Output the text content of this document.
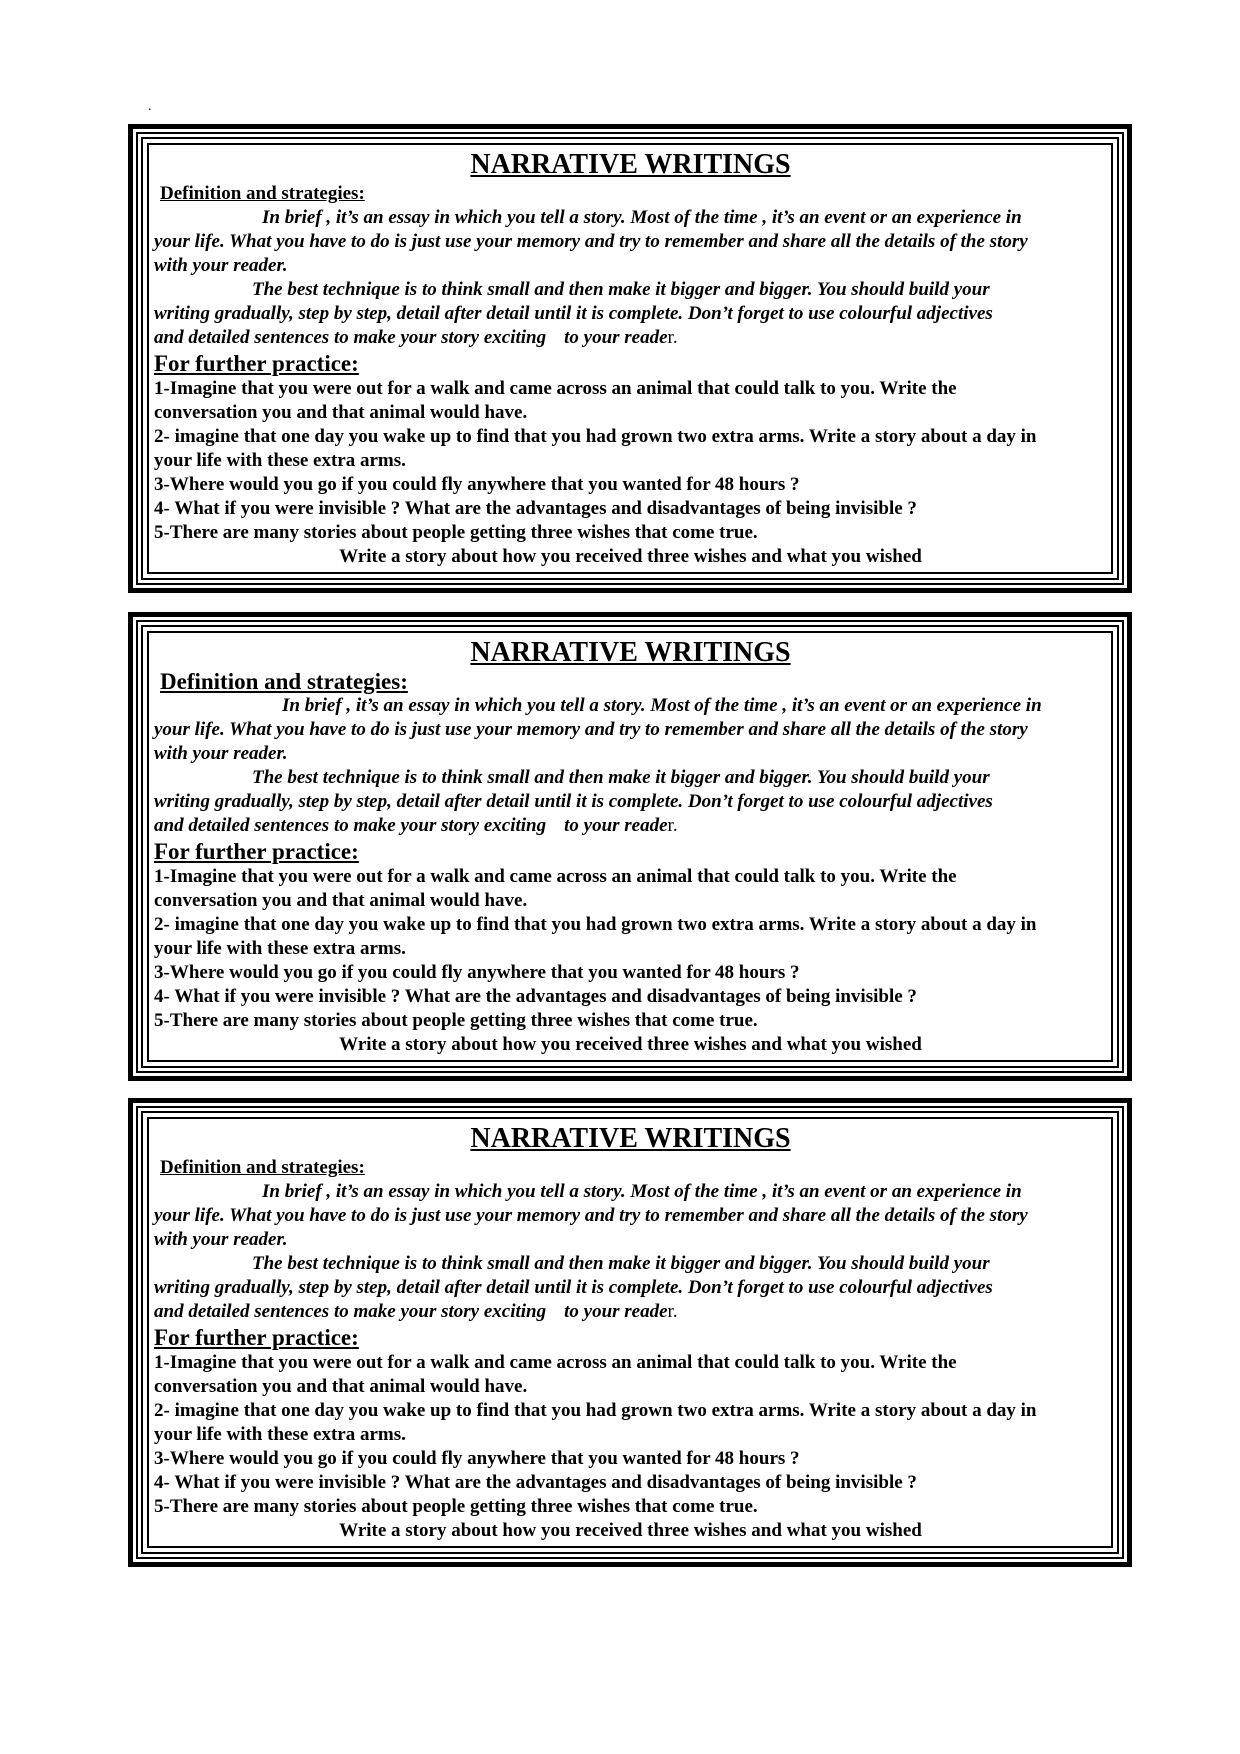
.
NARRATIVE WRITINGS
Definition and strategies:

In brief , it’s an essay in which you tell a story. Most of the time , it’s an event or an experience in
your life. What you have to do is just use your memory and try to remember and share all the details of the story
with your reader.

The best technique is to think small and then make it bigger and bigger. You should build your
writing gradually, step by step, detail after detail until it is complete. Don’t forget to use colourful adjectives
and detailed sentences to make your story exciting to your reader.

For further practice:

1-Imagine that you were out for a walk and came across an animal that could talk to you. Write the
conversation you and that animal would have.
2- imagine that one day you wake up to find that you had grown two extra arms. Write a story about a day in
your life with these extra arms.
3-Where would you go if you could fly anywhere that you wanted for 48 hours ?
4- What if you were invisible ? What are the advantages and disadvantages of being invisible ?
5-There are many stories about people getting three wishes that come true.

Write a story about how you received three wishes and what you wished
NARRATIVE WRITINGS
Definition and strategies:

In brief , it’s an essay in which you tell a story. Most of the time , it’s an event or an experience in
your life. What you have to do is just use your memory and try to remember and share all the details of the story
with your reader.

The best technique is to think small and then make it bigger and bigger. You should build your
writing gradually, step by step, detail after detail until it is complete. Don’t forget to use colourful adjectives
and detailed sentences to make your story exciting to your reader.

For further practice:

1-Imagine that you were out for a walk and came across an animal that could talk to you. Write the
conversation you and that animal would have.
2- imagine that one day you wake up to find that you had grown two extra arms. Write a story about a day in
your life with these extra arms.
3-Where would you go if you could fly anywhere that you wanted for 48 hours ?
4- What if you were invisible ? What are the advantages and disadvantages of being invisible ?
5-There are many stories about people getting three wishes that come true.

Write a story about how you received three wishes and what you wished
NARRATIVE WRITINGS
Definition and strategies:

In brief , it’s an essay in which you tell a story. Most of the time , it’s an event or an experience in
your life. What you have to do is just use your memory and try to remember and share all the details of the story
with your reader.

The best technique is to think small and then make it bigger and bigger. You should build your
writing gradually, step by step, detail after detail until it is complete. Don’t forget to use colourful adjectives
and detailed sentences to make your story exciting to your reader.

For further practice:

1-Imagine that you were out for a walk and came across an animal that could talk to you. Write the
conversation you and that animal would have.
2- imagine that one day you wake up to find that you had grown two extra arms. Write a story about a day in
your life with these extra arms.
3-Where would you go if you could fly anywhere that you wanted for 48 hours ?
4- What if you were invisible ? What are the advantages and disadvantages of being invisible ?
5-There are many stories about people getting three wishes that come true.

Write a story about how you received three wishes and what you wished
